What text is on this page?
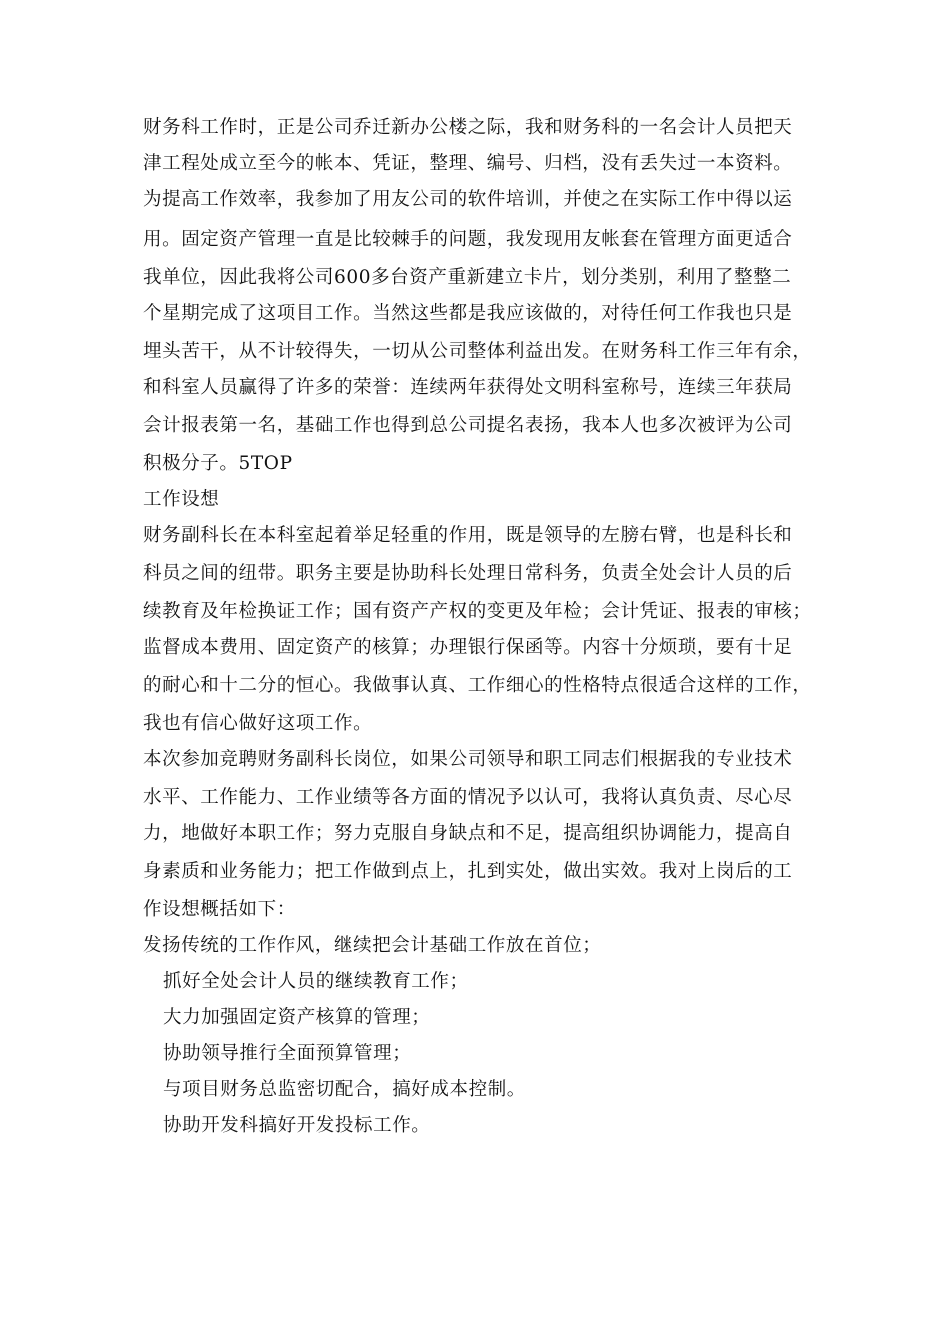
财务科工作时，正是公司乔迁新办公楼之际，我和财务科的一名会计人员把天
津工程处成立至今的帐本、凭证，整理、编号、归档，没有丢失过一本资料。
为提高工作效率，我参加了用友公司的软件培训，并使之在实际工作中得以运
用。固定资产管理一直是比较棘手的问题，我发现用友帐套在管理方面更适合
我单位，因此我将公司600多台资产重新建立卡片，划分类别，利用了整整二
个星期完成了这项目工作。当然这些都是我应该做的，对待任何工作我也只是
埋头苦干，从不计较得失，一切从公司整体利益出发。在财务科工作三年有余，
和科室人员赢得了许多的荣誉：连续两年获得处文明科室称号，连续三年获局
会计报表第一名，基础工作也得到总公司提名表扬，我本人也多次被评为公司
积极分子。5TOP
工作设想
财务副科长在本科室起着举足轻重的作用，既是领导的左膀右臂，也是科长和
科员之间的纽带。职务主要是协助科长处理日常科务，负责全处会计人员的后
续教育及年检换证工作；国有资产产权的变更及年检；会计凭证、报表的审核；
监督成本费用、固定资产的核算；办理银行保函等。内容十分烦琐，要有十足
的耐心和十二分的恒心。我做事认真、工作细心的性格特点很适合这样的工作，
我也有信心做好这项工作。
本次参加竞聘财务副科长岗位，如果公司领导和职工同志们根据我的专业技术
水平、工作能力、工作业绩等各方面的情况予以认可，我将认真负责、尽心尽
力，地做好本职工作；努力克服自身缺点和不足，提高组织协调能力，提高自
身素质和业务能力；把工作做到点上，扎到实处，做出实效。我对上岗后的工
作设想概括如下：
发扬传统的工作作风，继续把会计基础工作放在首位；
抓好全处会计人员的继续教育工作；
大力加强固定资产核算的管理；
协助领导推行全面预算管理；
与项目财务总监密切配合，搞好成本控制。
协助开发科搞好开发投标工作。
